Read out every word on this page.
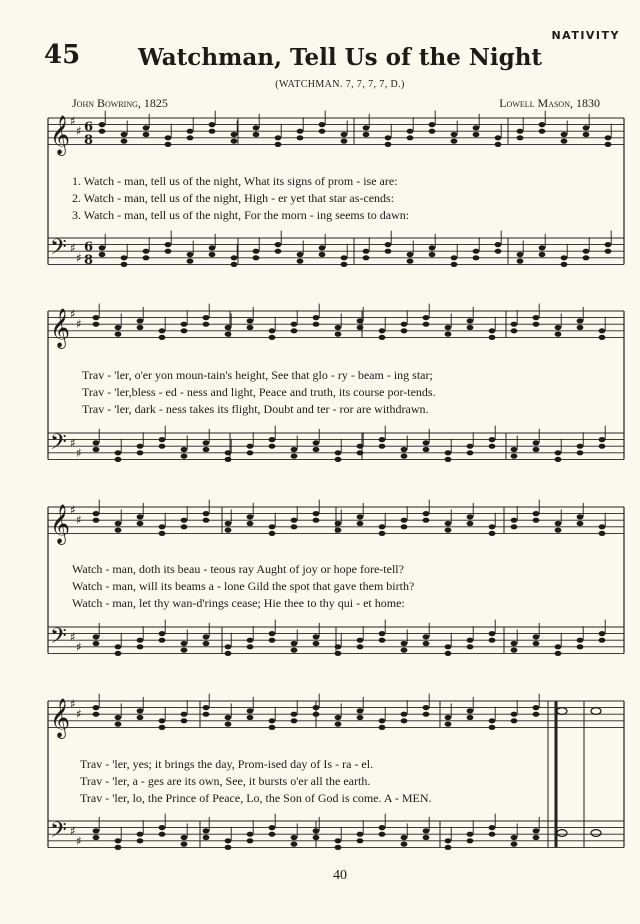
NATIVITY
45	Watchman, Tell Us of the Night
(WATCHMAN. 7, 7, 7, 7, D.)
John Bowring, 1825	Lowell Mason, 1830
𝄞 ♯
♯ 6
8
𝄢 ♯
♯
6
8
𝄞 ♯
♯
𝄢 ♯
♯
𝄞 ♯
♯
𝄢 ♯
♯
𝄞 ♯
♯
𝄢 ♯
♯
1. Watch - man, tell us of the night, What its signs of prom - ise are:
2. Watch - man, tell us of the night, High - er yet that star as-cends:
3. Watch - man, tell us of the night, For the morn - ing seems to dawn:
Trav - 'ler, o'er yon moun-tain's height, See that glo - ry - beam - ing star;
Trav - 'ler,bless - ed - ness and light, Peace and truth, its course por-tends.
Trav - 'ler, dark - ness takes its flight, Doubt and ter - ror are withdrawn.
Watch - man, doth its beau - teous ray Aught of joy or hope fore-tell?
Watch - man, will its beams a - lone Gild the spot that gave them birth?
Watch - man, let thy wan-d'rings cease; Hie thee to thy qui - et home:
Trav - 'ler, yes; it brings the day, Prom-ised day of Is - ra - el.
Trav - 'ler, a - ges are its own, See, it bursts o'er all the earth.
Trav - 'ler, lo, the Prince of Peace, Lo, the Son of God is come. A - MEN.
40
